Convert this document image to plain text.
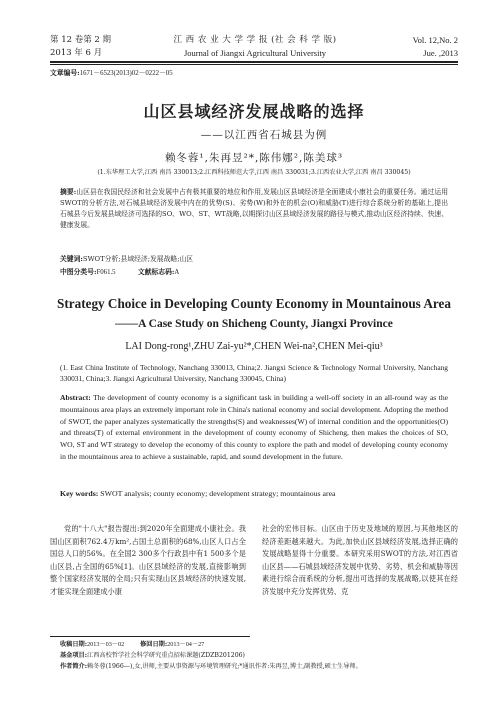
第 12 卷第 2 期
2013 年 6 月
江 西 农 业 大 学 学 报 (社 会 科 学 版)
Journal of Jiangxi Agricultural University
Vol. 12,No. 2
Jue. ,2013
文章编号:1671－6523(2013)02－0222－05
山区县域经济发展战略的选择
——以江西省石城县为例
赖冬蓉¹,朱再昱²*,陈伟娜²,陈美球³
(1.东华理工大学,江西 南昌 330013;2.江西科技师范大学,江西 南昌 330031;3.江西农业大学,江西 南昌 330045)
摘要:山区县在我国民经济和社会发展中占有极其重要的地位和作用,发展山区县域经济是全面建成小康社会的重要任务。通过运用SWOT的分析方法,对石城县域经济发展中内在的优势(S)、劣势(W)和外在的机会(O)和威胁(T)进行综合系统分析的基础上,提出石城县今后发展县域经济可选择的SO、WO、ST、WT战略,以期探讨山区县域经济发展的路径与模式,推动山区经济持续、快速、健康发展。
关键词:SWOT分析;县域经济;发展战略;山区
中图分类号:F061.5	文献标志码:A
Strategy Choice in Developing County Economy in Mountainous Area
——A Case Study on Shicheng County, Jiangxi Province
LAI Dong-rong¹,ZHU Zai-yu²*,CHEN Wei-na²,CHEN Mei-qiu³
(1. East China Institute of Technology, Nanchang 330013, China;2. Jiangxi Science & Technology Normal University, Nanchang 330031, China;3. Jiangxi Agricultural University, Nanchang 330045, China)
Abstract: The development of county economy is a significant task in building a well-off society in an all-round way as the mountainous area plays an extremely important role in China's national economy and social development. Adopting the method of SWOT, the paper analyzes systematically the strengths(S) and weaknesses(W) of internal condition and the opportunities(O) and threats(T) of external environment in the development of county economy of Shicheng, then makes the choices of SO, WO, ST and WT strategy to develop the economy of this county to explore the path and model of developing county economy in the mountainous area to achieve a sustainable, rapid, and sound development in the future.
Key words: SWOT analysis; county economy; development strategy; mountainous area
党的"十八大"报告提出:到2020年全面建成小康社会。我国山区面积762.4万km²,占国土总面积的68%,山区人口占全国总人口的56%。在全国2 300多个行政县中有1 500多个是山区县,占全国的65%[1]。山区县域经济的发展,直接影响到整个国家经济发展的全局;只有实现山区县域经济的快速发展,才能实现全面建成小康
社会的宏伟目标。山区由于历史及地域的原因,与其他地区的经济差距越来越大。为此,加快山区县域经济发展,选择正确的发展战略显得十分重要。本研究采用SWOT的方法,对江西省山区县——石城县域经济发展中优势、劣势、机会和威胁等因素进行综合而系统的分析,提出可选择的发展战略,以使其在经济发展中充分发挥优势、克
收稿日期:2013－03－02	修回日期:2013－04－27
基金项目:江西高校哲学社会科学研究重点招标课题(ZDZB201206)
作者简介:赖冬蓉(1966—),女,讲师,主要从事资源与环境管理研究;*通讯作者:朱再昱,博士,副教授,硕士生导师。
